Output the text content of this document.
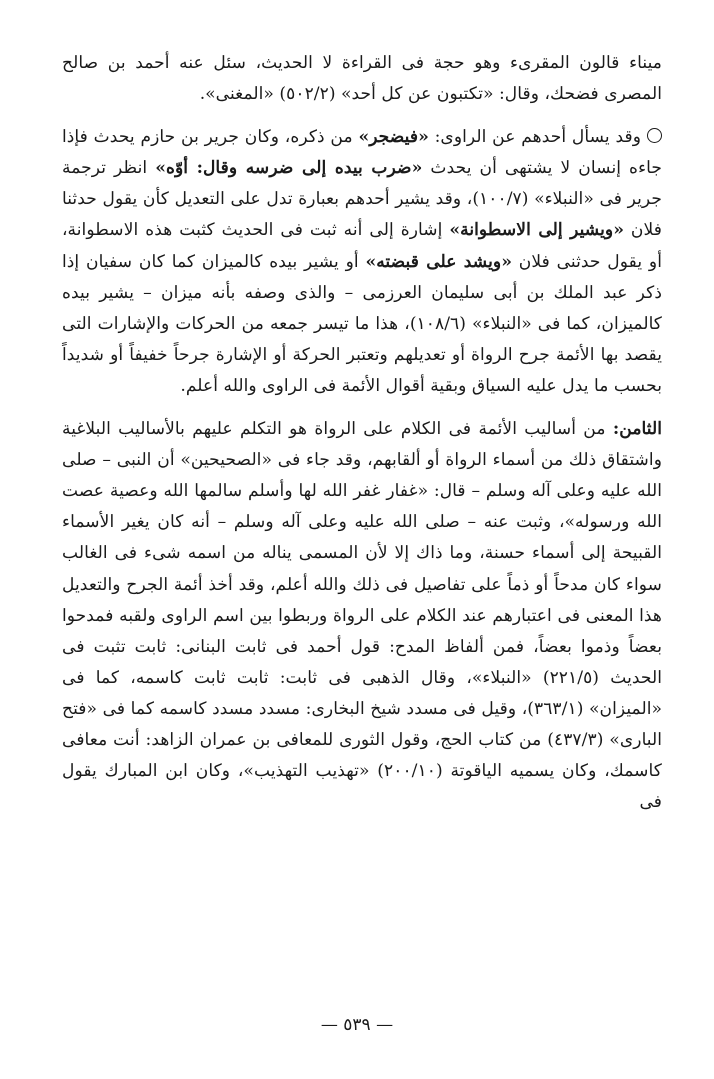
ميناء قالون المقرىء وهو حجة فى القراءة لا الحديث، سئل عنه أحمد بن صالح المصرى فضحك، وقال: «تكتبون عن كل أحد» (٥٠٢/٢) «المغنى».

وقد يسأل أحدهم عن الراوى: «فيضجر» من ذكره، وكان جرير بن حازم يحدث فإذا جاءه إنسان لا يشتهى أن يحدث «ضرب بيده إلى ضرسه وقال: أوّه» انظر ترجمة جرير فى «النبلاء» (١٠٠/٧)، وقد يشير أحدهم بعبارة تدل على التعديل كأن يقول حدثنا فلان «ويشير إلى الاسطوانة» إشارة إلى أنه ثبت فى الحديث كثبت هذه الاسطوانة، أو يقول حدثنى فلان «ويشد على قبضته» أو يشير بيده كالميزان كما كان سفيان إذا ذكر عبد الملك بن أبى سليمان العرزمى – والذى وصفه بأنه ميزان – يشير بيده كالميزان، كما فى «النبلاء» (١٠٨/٦)، هذا ما تيسر جمعه من الحركات والإشارات التى يقصد بها الأئمة جرح الرواة أو تعديلهم وتعتبر الحركة أو الإشارة جرحاً خفيفاً أو شديداً بحسب ما يدل عليه السياق وبقية أقوال الأئمة فى الراوى والله أعلم.

الثامن: من أساليب الأئمة فى الكلام على الرواة هو التكلم عليهم بالأساليب البلاغية واشتقاق ذلك من أسماء الرواة أو ألقابهم، وقد جاء فى «الصحيحين» أن النبى – صلى الله عليه وعلى آله وسلم – قال: «غفار غفر الله لها وأسلم سالمها الله وعصية عصت الله ورسوله»، وثبت عنه – صلى الله عليه وعلى آله وسلم – أنه كان يغير الأسماء القبيحة إلى أسماء حسنة، وما ذاك إلا لأن المسمى يناله من اسمه شىء فى الغالب سواء كان مدحاً أو ذماً على تفاصيل فى ذلك والله أعلم، وقد أخذ أئمة الجرح والتعديل هذا المعنى فى اعتبارهم عند الكلام على الرواة وربطوا بين اسم الراوى ولقبه فمدحوا بعضاً وذموا بعضاً، فمن ألفاظ المدح: قول أحمد فى ثابت البنانى: ثابت تثبت فى الحديث (٢٢١/٥) «النبلاء»، وقال الذهبى فى ثابت: ثابت ثابت كاسمه، كما فى «الميزان» (٣٦٣/١)، وقيل فى مسدد شيخ البخارى: مسدد مسدد كاسمه كما فى «فتح البارى» (٤٣٧/٣) من كتاب الحج، وقول الثورى للمعافى بن عمران الزاهد: أنت معافى كاسمك، وكان يسميه الياقوتة (٢٠٠/١٠) «تهذيب التهذيب»، وكان ابن المبارك يقول فى

— ٥٣٩ —
